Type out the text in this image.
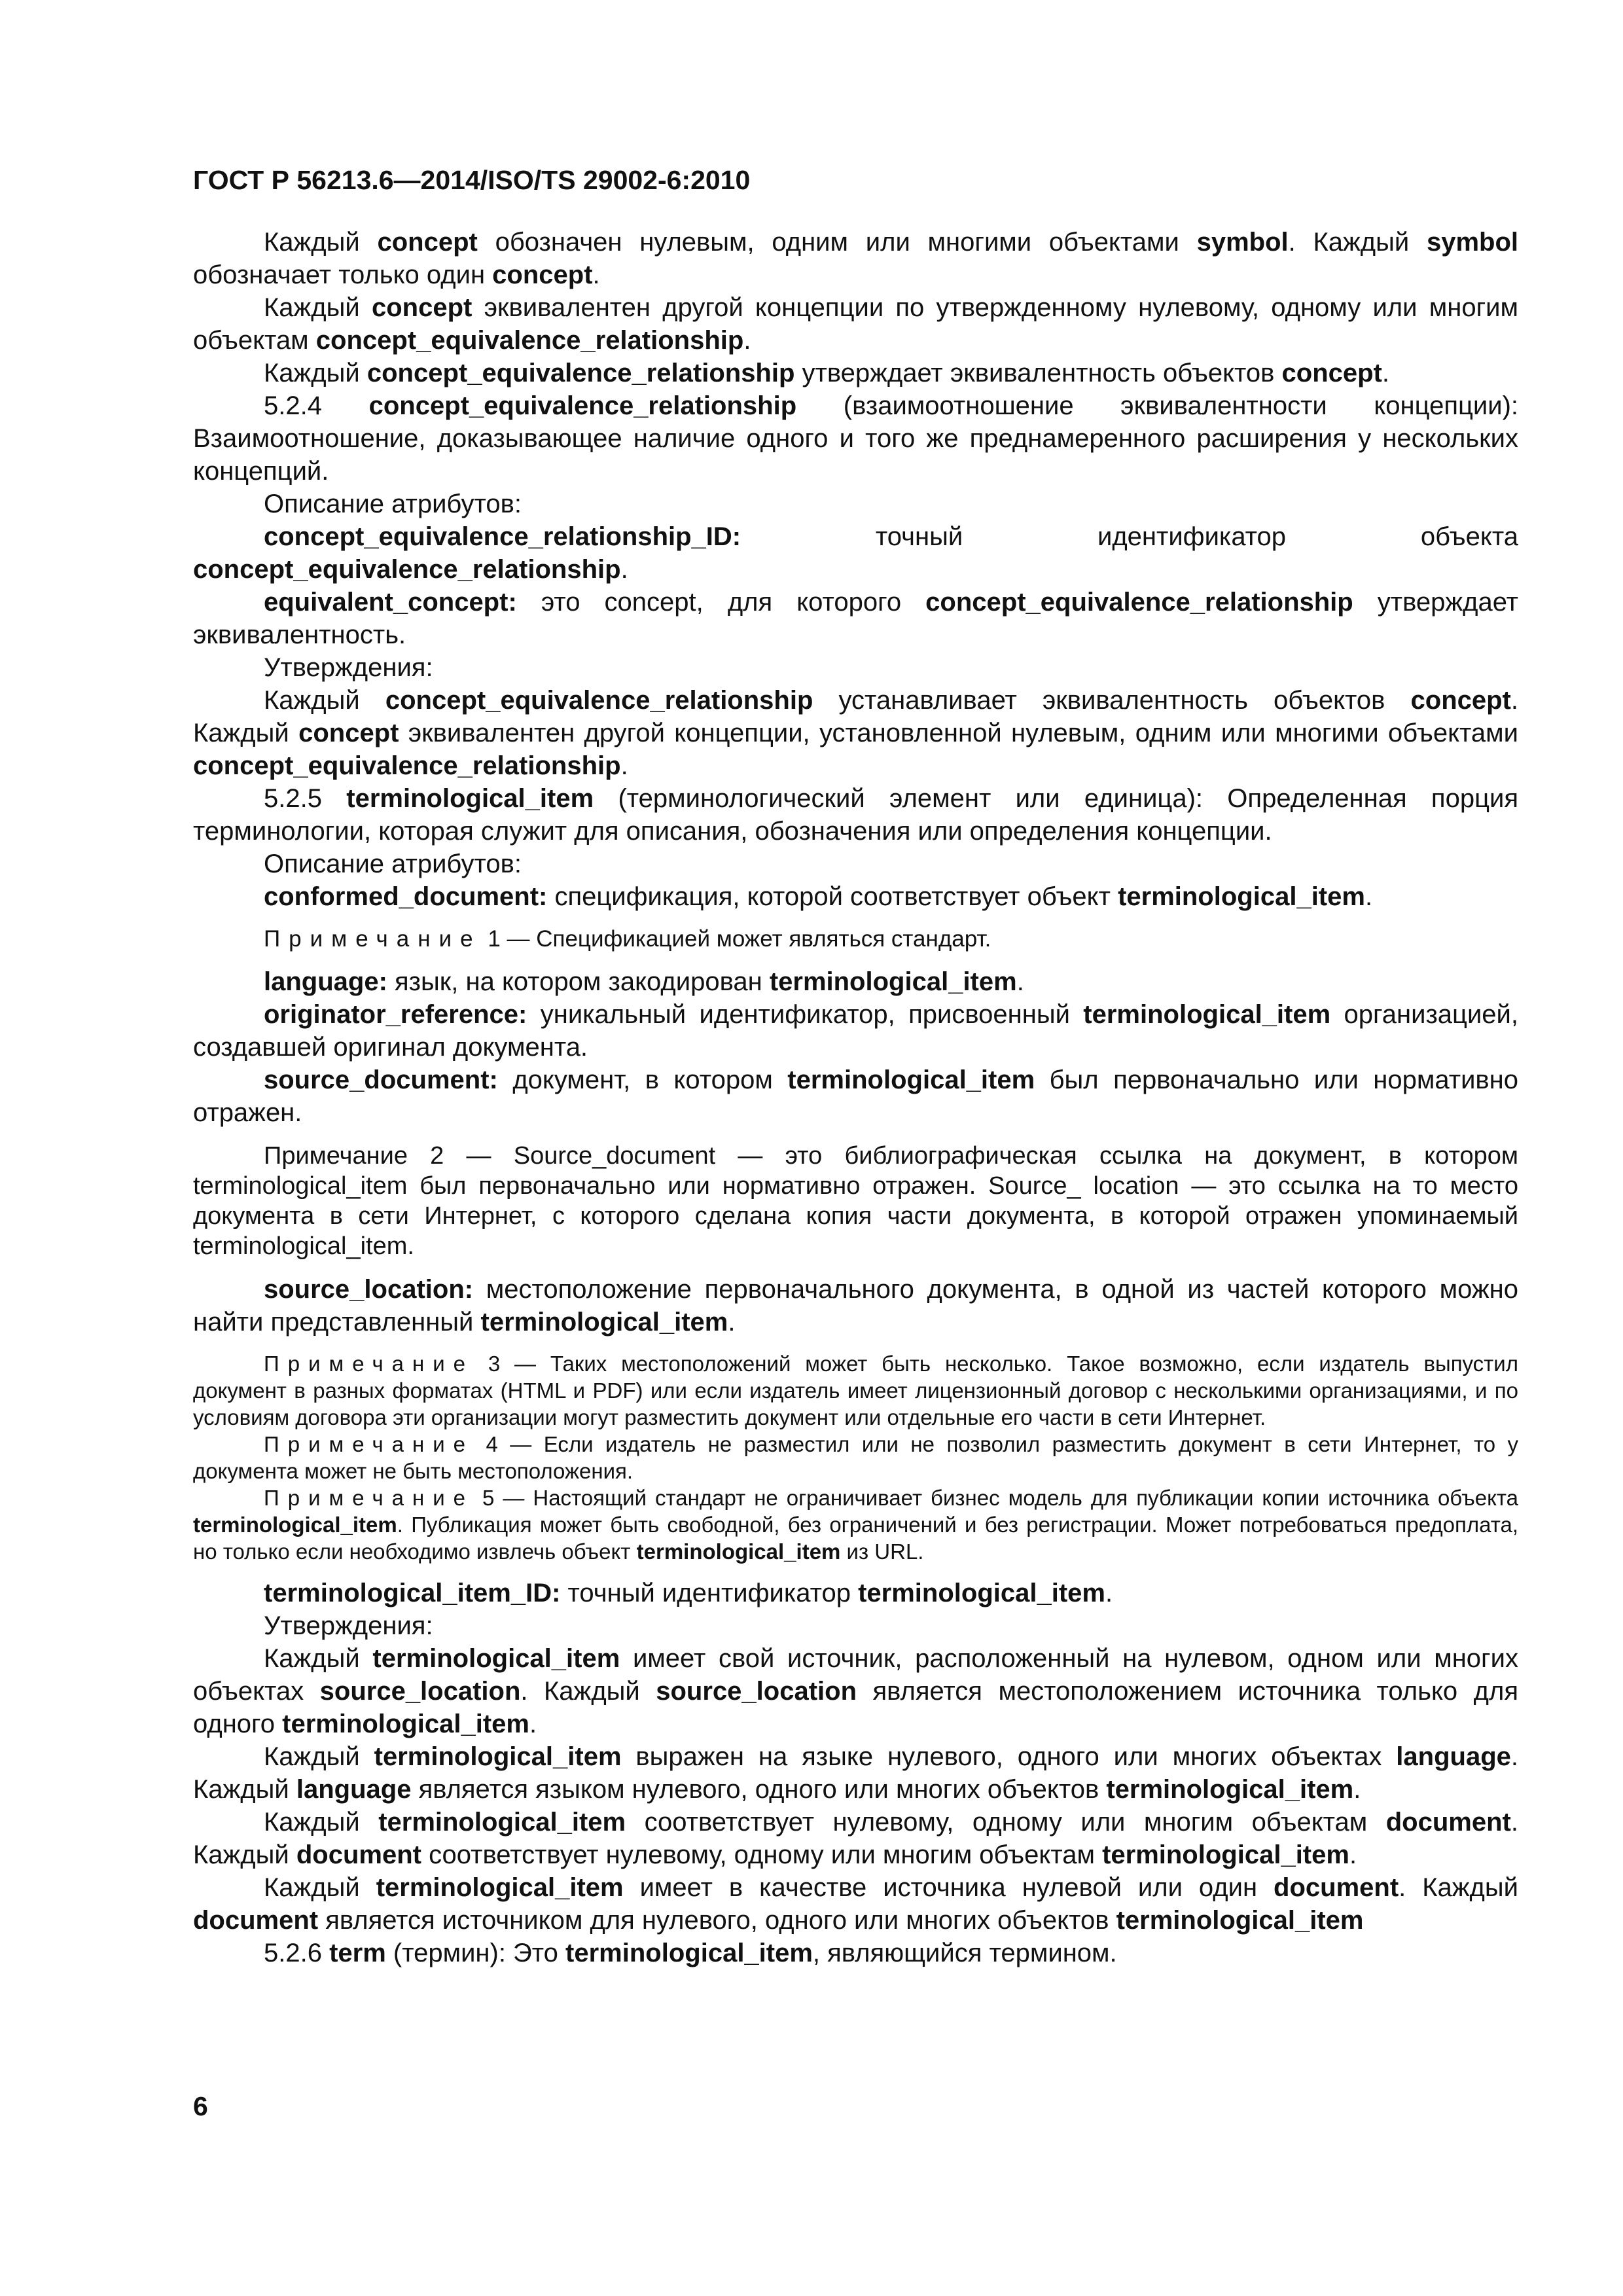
ГОСТ Р 56213.6—2014/ISO/TS 29002-6:2010

Каждый concept обозначен нулевым, одним или многими объектами symbol. Каждый symbol обозначает только один concept.

Каждый concept эквивалентен другой концепции по утвержденному нулевому, одному или многим объектам concept_equivalence_relationship.

Каждый concept_equivalence_relationship утверждает эквивалентность объектов concept.

5.2.4 concept_equivalence_relationship (взаимоотношение эквивалентности концепции): Взаимоотношение, доказывающее наличие одного и того же преднамеренного расширения у нескольких концепций.

Описание атрибутов:

concept_equivalence_relationship_ID: точный идентификатор объекта concept_equivalence_relationship.

equivalent_concept: это concept, для которого concept_equivalence_relationship утверждает эквивалентность.

Утверждения:

Каждый concept_equivalence_relationship устанавливает эквивалентность объектов concept. Каждый concept эквивалентен другой концепции, установленной нулевым, одним или многими объектами concept_equivalence_relationship.

5.2.5 terminological_item (терминологический элемент или единица): Определенная порция терминологии, которая служит для описания, обозначения или определения концепции.

Описание атрибутов:

conformed_document: спецификация, которой соответствует объект terminological_item.

Примечание 1 — Спецификацией может являться стандарт.

language: язык, на котором закодирован terminological_item.

originator_reference: уникальный идентификатор, присвоенный terminological_item организацией, создавшей оригинал документа.

source_document: документ, в котором terminological_item был первоначально или нормативно отражен.

Примечание 2 — Source_document — это библиографическая ссылка на документ, в котором terminological_item был первоначально или нормативно отражен. Source_ location — это ссылка на то место документа в сети Интернет, с которого сделана копия части документа, в которой отражен упоминаемый terminological_item.

source_location: местоположение первоначального документа, в одной из частей которого можно найти представленный terminological_item.

Примечание 3 — Таких местоположений может быть несколько. Такое возможно, если издатель выпустил документ в разных форматах (HTML и PDF) или если издатель имеет лицензионный договор с несколькими организациями, и по условиям договора эти организации могут разместить документ или отдельные его части в сети Интернет.

Примечание 4 — Если издатель не разместил или не позволил разместить документ в сети Интернет, то у документа может не быть местоположения.

Примечание 5 — Настоящий стандарт не ограничивает бизнес модель для публикации копии источника объекта terminological_item. Публикация может быть свободной, без ограничений и без регистрации. Может потребоваться предоплата, но только если необходимо извлечь объект terminological_item из URL.

terminological_item_ID: точный идентификатор terminological_item.

Утверждения:

Каждый terminological_item имеет свой источник, расположенный на нулевом, одном или многих объектах source_location. Каждый source_location является местоположением источника только для одного terminological_item.

Каждый terminological_item выражен на языке нулевого, одного или многих объектах language. Каждый language является языком нулевого, одного или многих объектов terminological_item.

Каждый terminological_item соответствует нулевому, одному или многим объектам document. Каждый document соответствует нулевому, одному или многим объектам terminological_item.

Каждый terminological_item имеет в качестве источника нулевой или один document. Каждый document является источником для нулевого, одного или многих объектов terminological_item

5.2.6 term (термин): Это terminological_item, являющийся термином.

6
